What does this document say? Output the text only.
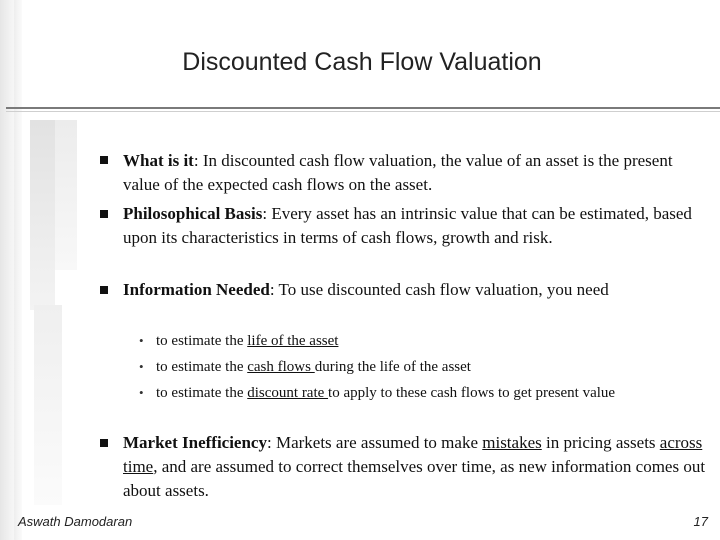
Discounted Cash Flow Valuation
What is it: In discounted cash flow valuation, the value of an asset is the present value of the expected cash flows on the asset.
Philosophical Basis: Every asset has an intrinsic value that can be estimated, based upon its characteristics in terms of cash flows, growth and risk.
Information Needed: To use discounted cash flow valuation, you need
• to estimate the life of the asset
• to estimate the cash flows during the life of the asset
• to estimate the discount rate to apply to these cash flows to get present value
Market Inefficiency: Markets are assumed to make mistakes in pricing assets across time, and are assumed to correct themselves over time, as new information comes out about assets.
Aswath Damodaran	17
